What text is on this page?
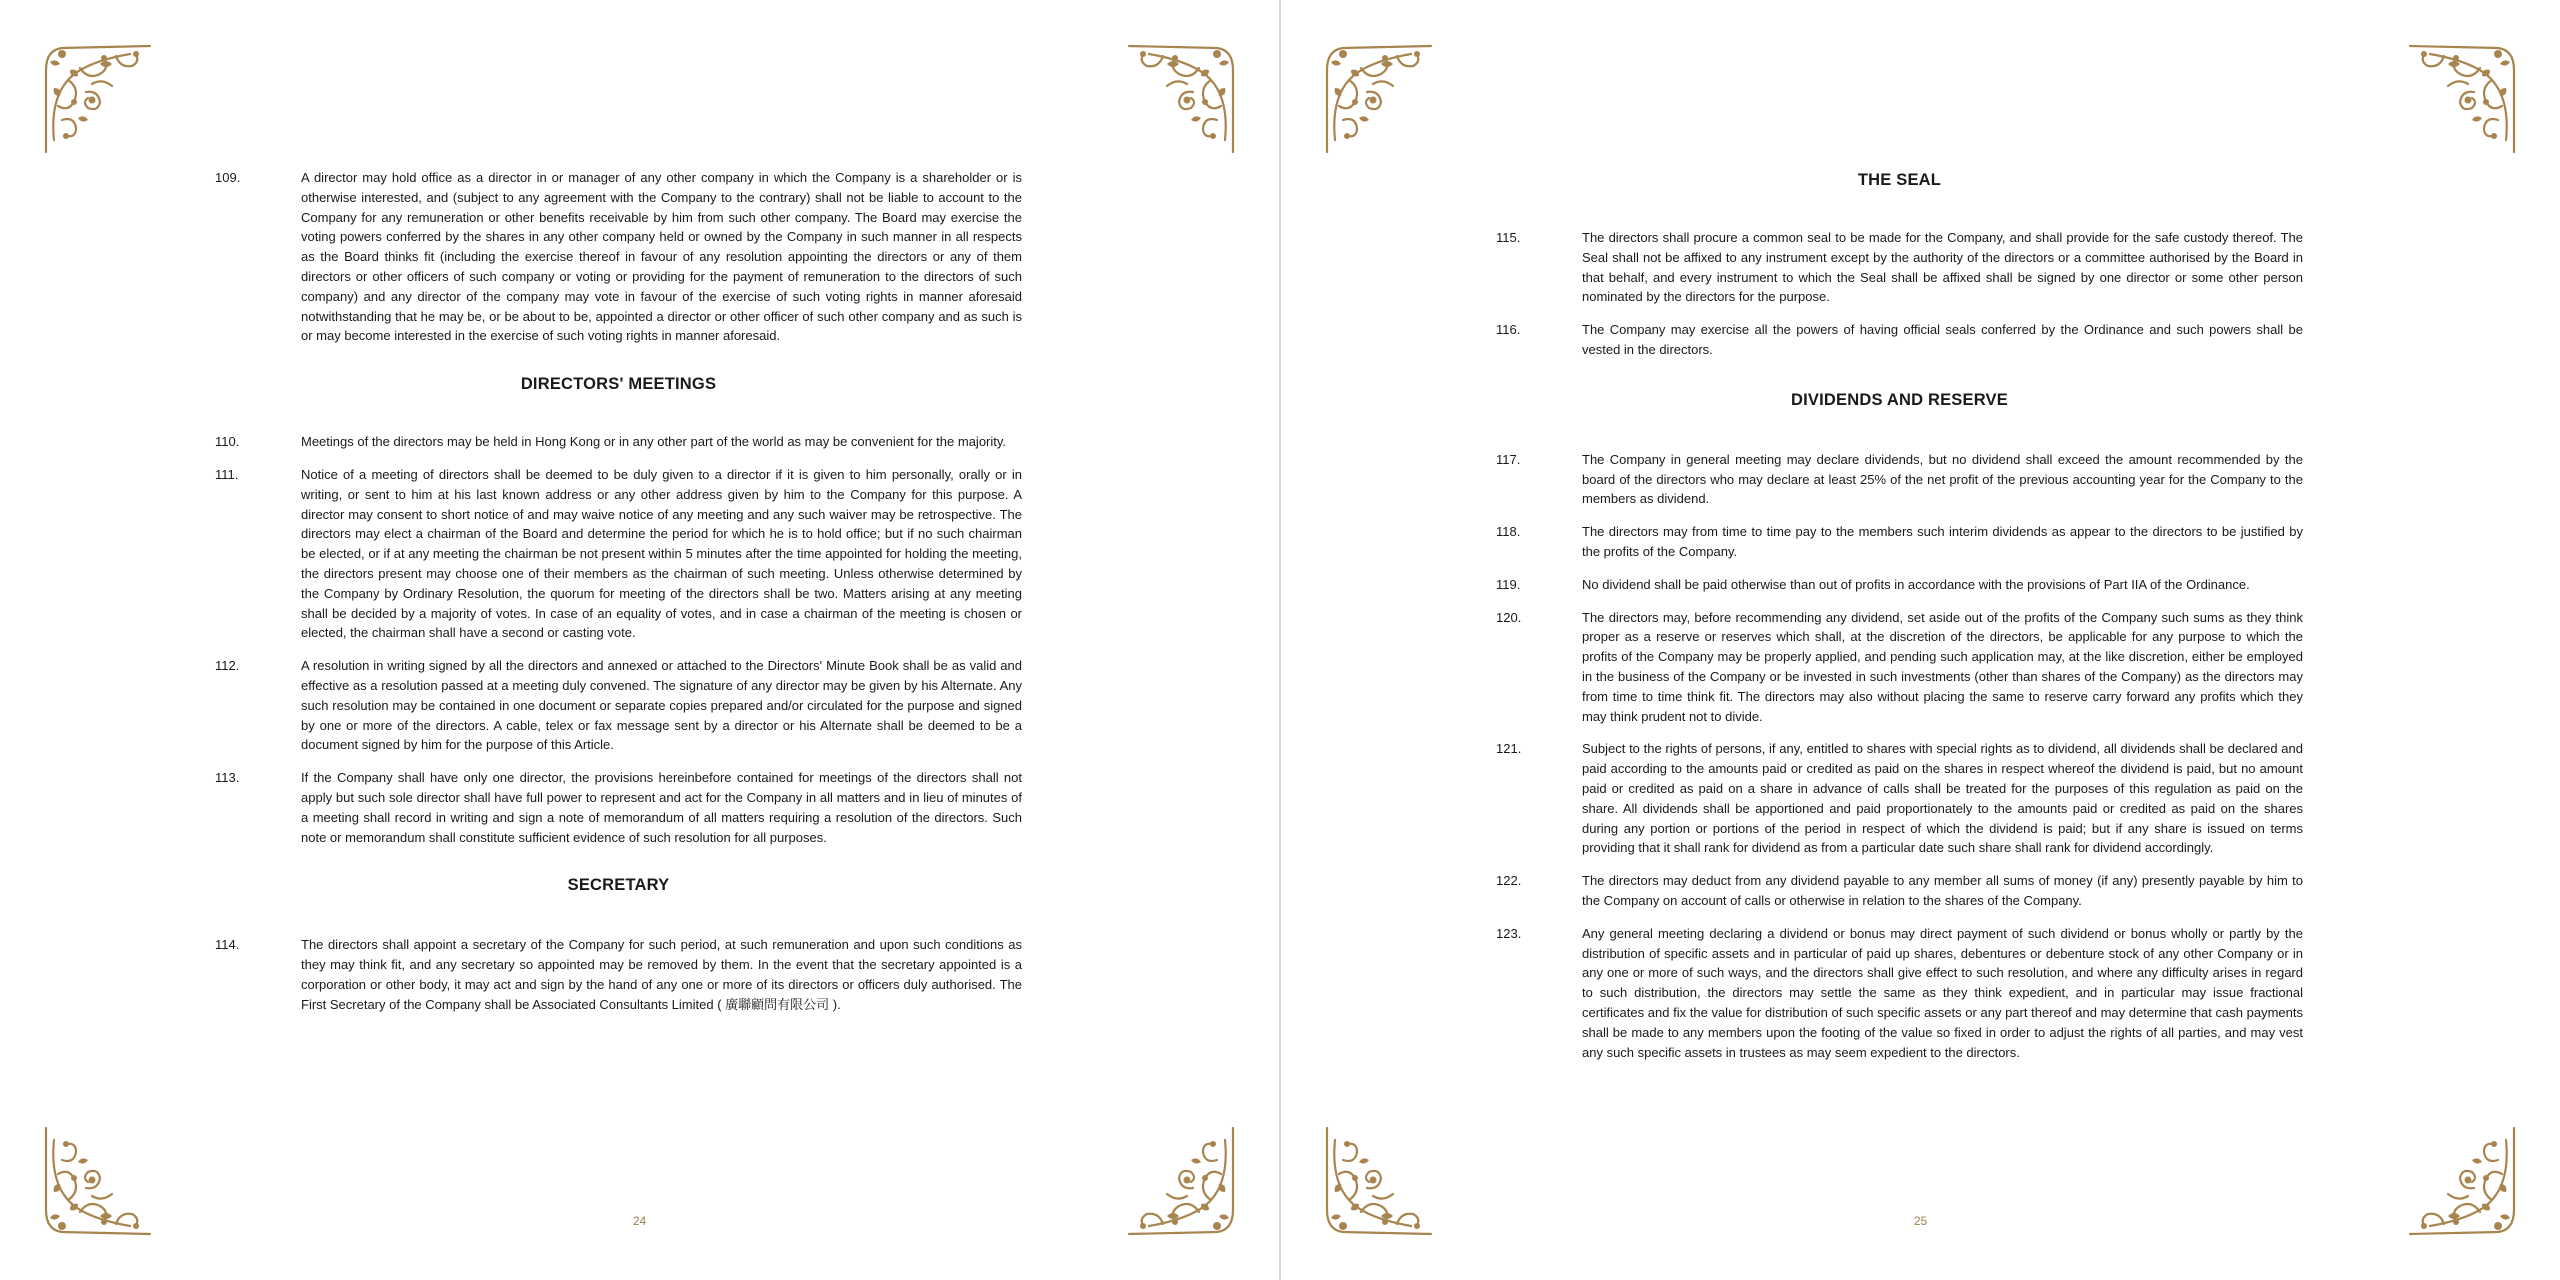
109.	A director may hold office as a director in or manager of any other company in which the Company is a shareholder or is otherwise interested, and (subject to any agreement with the Company to the contrary) shall not be liable to account to the Company for any remuneration or other benefits receivable by him from such other company. The Board may exercise the voting powers conferred by the shares in any other company held or owned by the Company in such manner in all respects as the Board thinks fit (including the exercise thereof in favour of any resolution appointing the directors or any of them directors or other officers of such company or voting or providing for the payment of remuneration to the directors of such company) and any director of the company may vote in favour of the exercise of such voting rights in manner aforesaid notwithstanding that he may be, or be about to be, appointed a director or other officer of such other company and as such is or may become interested in the exercise of such voting rights in manner aforesaid.
DIRECTORS' MEETINGS
110.	Meetings of the directors may be held in Hong Kong or in any other part of the world as may be convenient for the majority.
111.	Notice of a meeting of directors shall be deemed to be duly given to a director if it is given to him personally, orally or in writing, or sent to him at his last known address or any other address given by him to the Company for this purpose. A director may consent to short notice of and may waive notice of any meeting and any such waiver may be retrospective. The directors may elect a chairman of the Board and determine the period for which he is to hold office; but if no such chairman be elected, or if at any meeting the chairman be not present within 5 minutes after the time appointed for holding the meeting, the directors present may choose one of their members as the chairman of such meeting. Unless otherwise determined by the Company by Ordinary Resolution, the quorum for meeting of the directors shall be two. Matters arising at any meeting shall be decided by a majority of votes. In case of an equality of votes, and in case a chairman of the meeting is chosen or elected, the chairman shall have a second or casting vote.
112.	A resolution in writing signed by all the directors and annexed or attached to the Directors' Minute Book shall be as valid and effective as a resolution passed at a meeting duly convened. The signature of any director may be given by his Alternate. Any such resolution may be contained in one document or separate copies prepared and/or circulated for the purpose and signed by one or more of the directors. A cable, telex or fax message sent by a director or his Alternate shall be deemed to be a document signed by him for the purpose of this Article.
113.	If the Company shall have only one director, the provisions hereinbefore contained for meetings of the directors shall not apply but such sole director shall have full power to represent and act for the Company in all matters and in lieu of minutes of a meeting shall record in writing and sign a note of memorandum of all matters requiring a resolution of the directors. Such note or memorandum shall constitute sufficient evidence of such resolution for all purposes.
SECRETARY
114.	The directors shall appoint a secretary of the Company for such period, at such remuneration and upon such conditions as they may think fit, and any secretary so appointed may be removed by them. In the event that the secretary appointed is a corporation or other body, it may act and sign by the hand of any one or more of its directors or officers duly authorised. The First Secretary of the Company shall be Associated Consultants Limited ( 廣聯顧問有限公司 ).
24
THE SEAL
115.	The directors shall procure a common seal to be made for the Company, and shall provide for the safe custody thereof. The Seal shall not be affixed to any instrument except by the authority of the directors or a committee authorised by the Board in that behalf, and every instrument to which the Seal shall be affixed shall be signed by one director or some other person nominated by the directors for the purpose.
116.	The Company may exercise all the powers of having official seals conferred by the Ordinance and such powers shall be vested in the directors.
DIVIDENDS AND RESERVE
117.	The Company in general meeting may declare dividends, but no dividend shall exceed the amount recommended by the board of the directors who may declare at least 25% of the net profit of the previous accounting year for the Company to the members as dividend.
118.	The directors may from time to time pay to the members such interim dividends as appear to the directors to be justified by the profits of the Company.
119.	No dividend shall be paid otherwise than out of profits in accordance with the provisions of Part IIA of the Ordinance.
120.	The directors may, before recommending any dividend, set aside out of the profits of the Company such sums as they think proper as a reserve or reserves which shall, at the discretion of the directors, be applicable for any purpose to which the profits of the Company may be properly applied, and pending such application may, at the like discretion, either be employed in the business of the Company or be invested in such investments (other than shares of the Company) as the directors may from time to time think fit. The directors may also without placing the same to reserve carry forward any profits which they may think prudent not to divide.
121.	Subject to the rights of persons, if any, entitled to shares with special rights as to dividend, all dividends shall be declared and paid according to the amounts paid or credited as paid on the shares in respect whereof the dividend is paid, but no amount paid or credited as paid on a share in advance of calls shall be treated for the purposes of this regulation as paid on the share. All dividends shall be apportioned and paid proportionately to the amounts paid or credited as paid on the shares during any portion or portions of the period in respect of which the dividend is paid; but if any share is issued on terms providing that it shall rank for dividend as from a particular date such share shall rank for dividend accordingly.
122.	The directors may deduct from any dividend payable to any member all sums of money (if any) presently payable by him to the Company on account of calls or otherwise in relation to the shares of the Company.
123.	Any general meeting declaring a dividend or bonus may direct payment of such dividend or bonus wholly or partly by the distribution of specific assets and in particular of paid up shares, debentures or debenture stock of any other Company or in any one or more of such ways, and the directors shall give effect to such resolution, and where any difficulty arises in regard to such distribution, the directors may settle the same as they think expedient, and in particular may issue fractional certificates and fix the value for distribution of such specific assets or any part thereof and may determine that cash payments shall be made to any members upon the footing of the value so fixed in order to adjust the rights of all parties, and may vest any such specific assets in trustees as may seem expedient to the directors.
25
